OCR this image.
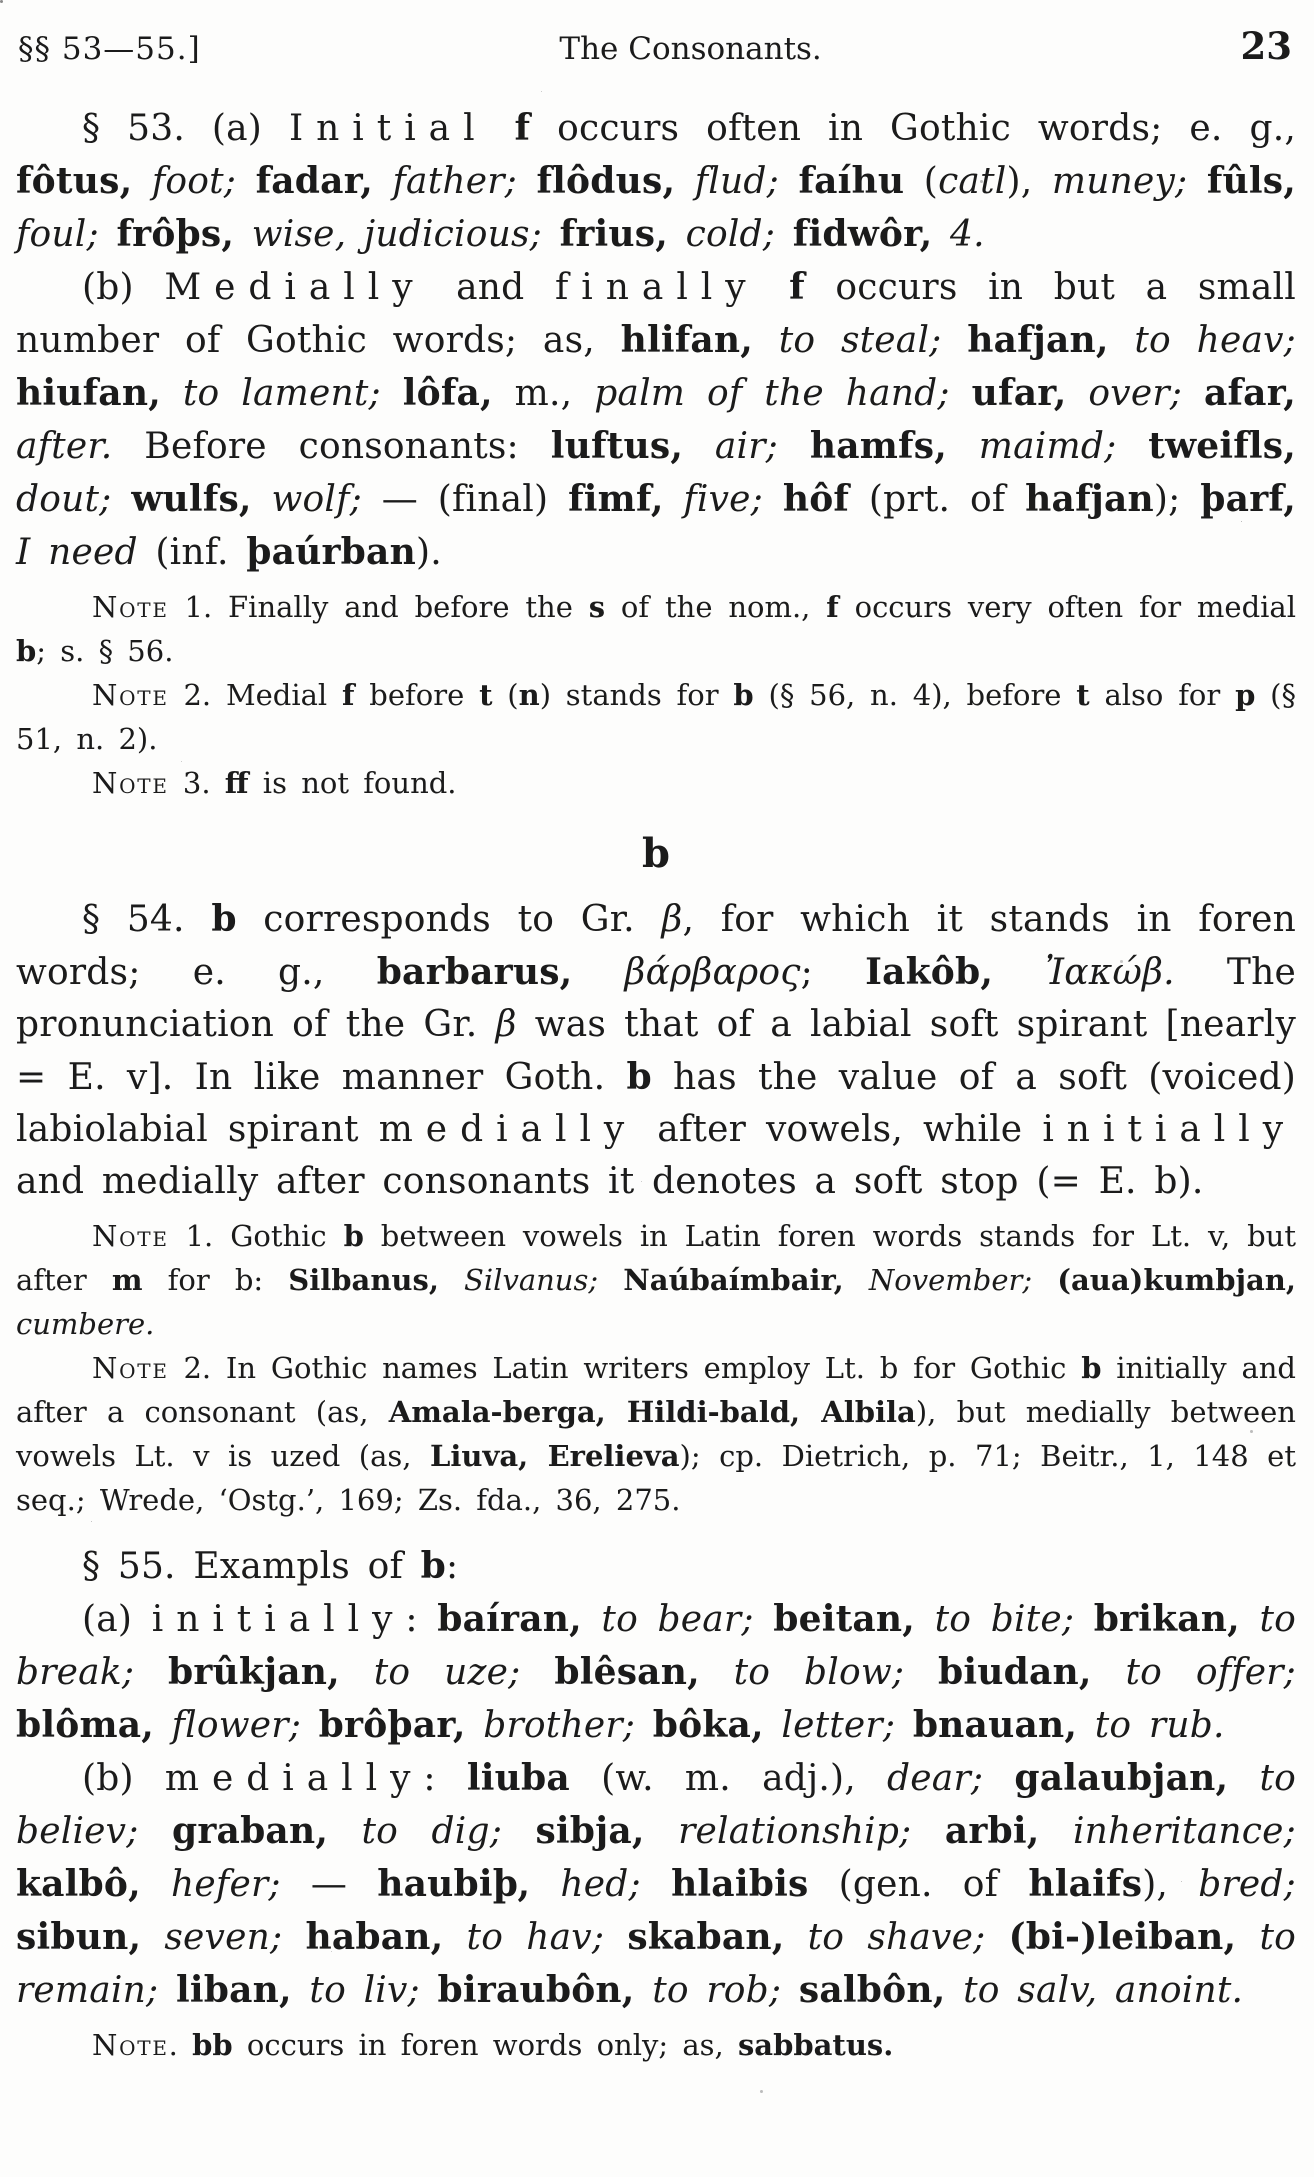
§§ 53—55.]	The Consonants.	23

§ 53. (a) Initial f occurs often in Gothic words; e. g., fôtus, foot; fadar, father; flôdus, flud; faíhu (catl), muney; fûls, foul; frôþs, wise, judicious; frius, cold; fidwôr, 4.

(b) Medially and finally f occurs in but a small number of Gothic words; as, hlifan, to steal; hafjan, to heav; hiufan, to lament; lôfa, m., palm of the hand; ufar, over; afar, after. Before consonants: luftus, air; hamfs, maimd; tweifls, dout; wulfs, wolf; — (final) fimf, five; hôf (prt. of hafjan); þarf, I need (inf. þaúrban).

Note 1. Finally and before the s of the nom., f occurs very often for medial b; s. § 56.

Note 2. Medial f before t (n) stands for b (§ 56, n. 4), before t also for p (§ 51, n. 2).

Note 3. ff is not found.

b

§ 54. b corresponds to Gr. β, for which it stands in foren words; e. g., barbarus, βάρβαρος; Iakôb, Ἰακώβ. The pronunciation of the Gr. β was that of a labial soft spirant [nearly = E. v]. In like manner Goth. b has the value of a soft (voiced) labiolabial spirant medially after vowels, while initially and medially after consonants it denotes a soft stop (= E. b).

Note 1. Gothic b between vowels in Latin foren words stands for Lt. v, but after m for b: Silbanus, Silvanus; Naúbaímbair, November; (aua)kumbjan, cumbere.

Note 2. In Gothic names Latin writers employ Lt. b for Gothic b initially and after a consonant (as, Amala-berga, Hildi-bald, Albila), but medially between vowels Lt. v is uzed (as, Liuva, Erelieva); cp. Dietrich, p. 71; Beitr., 1, 148 et seq.; Wrede, ‘Ostg.’, 169; Zs. fda., 36, 275.

§ 55. Exampls of b:

(a) initially: baíran, to bear; beitan, to bite; brikan, to break; brûkjan, to uze; blêsan, to blow; biudan, to offer; blôma, flower; brôþar, brother; bôka, letter; bnauan, to rub.

(b) medially: liuba (w. m. adj.), dear; galaubjan, to believ; graban, to dig; sibja, relationship; arbi, inheritance; kalbô, hefer; — haubiþ, hed; hlaibis (gen. of hlaifs), bred; sibun, seven; haban, to hav; skaban, to shave; (bi-)leiban, to remain; liban, to liv; biraubôn, to rob; salbôn, to salv, anoint.

Note. bb occurs in foren words only; as, sabbatus.
